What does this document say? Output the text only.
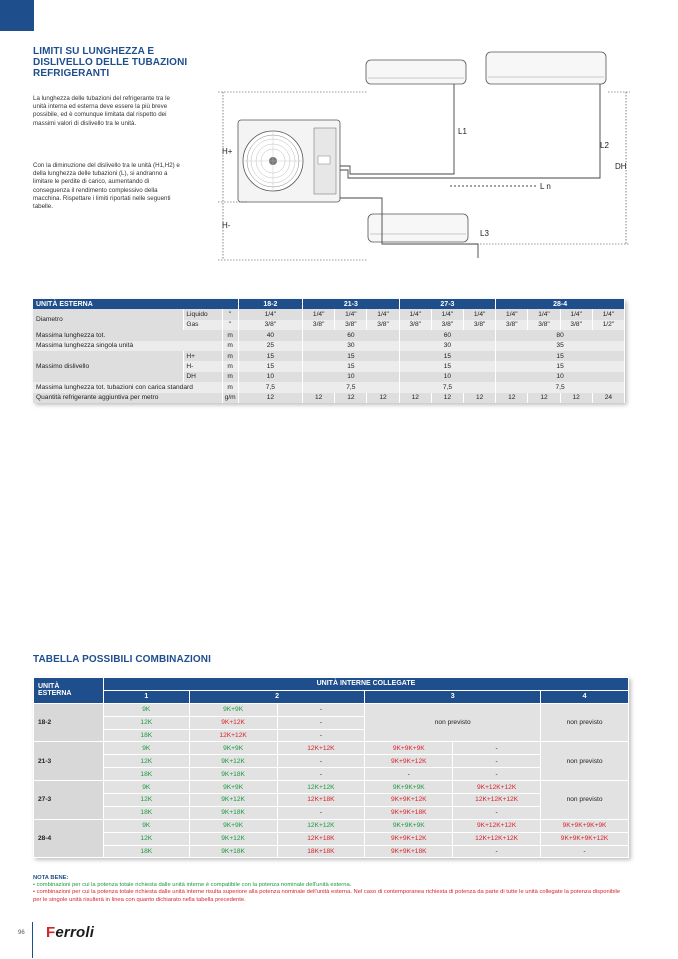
LIMITI SU LUNGHEZZA E
DISLIVELLO DELLE TUBAZIONI
REFRIGERANTI
La lunghezza delle tubazioni del refrigerante tra le unità interna ed esterna deve essere la più breve possibile, ed è comunque limitata dal rispetto dei massimi valori di dislivello tra le unità.
Con la diminuzione del dislivello tra le unità (H1,H2) e della lunghezza delle tubazioni (L), si andranno a limitare le perdite di carico, aumentando di conseguenza il rendimento complessivo della macchina. Rispettare i limiti riportati nelle seguenti tabelle.
L1
L2
L3
L n
DH
H+
H-
UNITÀ ESTERNA			18-2	21-3			27-3			28-4			
Diametro	Liquido	"	1/4"	1/4"	1/4"	1/4"	1/4"	1/4"	1/4"	1/4"	1/4"	1/4"	1/4"
	Gas	"	3/8"	3/8"	3/8"	3/8"	3/8"	3/8"	3/8"	3/8"	3/8"	3/8"	1/2"
Massima lunghezza tot.		m	40	60			60			80			
Massima lunghezza singola unità		m	25	30			30			35			
Massimo dislivello	H+	m	15	15			15			15			
	H-	m	15	15			15			15			
	DH	m	10	10			10			10			
Massima lunghezza tot. tubazioni con carica standard		m	7,5	7,5			7,5			7,5			
Quantità refrigerante aggiuntiva per metro		g/m	12	12	12	12	12	12	12	12	12	12	24
TABELLA POSSIBILI COMBINAZIONI
UNITÀ
ESTERNA	UNITÀ INTERNE COLLEGATE					
	1	2		3		4
18-2	9K	9K+9K	-	non previsto		non previsto
	12K	9K+12K	-			
	18K	12K+12K	-			
21-3	9K	9K+9K	12K+12K	9K+9K+9K	-	non previsto
	12K	9K+12K	-	9K+9K+12K	-	
	18K	9K+18K	-	-	-	
27-3	9K	9K+9K	12K+12K	9K+9K+9K	9K+12K+12K	non previsto
	12K	9K+12K	12K+18K	9K+9K+12K	12K+12K+12K	
	18K	9K+18K	-	9K+9K+18K	-	
28-4	9K	9K+9K	12K+12K	9K+9K+9K	9K+12K+12K	9K+9K+9K+9K
	12K	9K+12K	12K+18K	9K+9K+12K	12K+12K+12K	9K+9K+9K+12K
	18K	9K+18K	18K+18K	9K+9K+18K	-	-
NOTA BENE:
• combinazioni per cui la potenza totale richiesta dalle unità interne è compatibile con la potenza nominale dell'unità esterna.
• combinazioni per cui la potenza totale richiesta dalle unità interne risulta superiore alla potenza nominale dell'unità esterna. Nel caso di contemporanea richiesta di potenza da parte di tutte le unità collegate la potenza disponibile per le singole unità risulterà in linea con quanto dichiarato nella tabella precedente.
96 Ferroli
